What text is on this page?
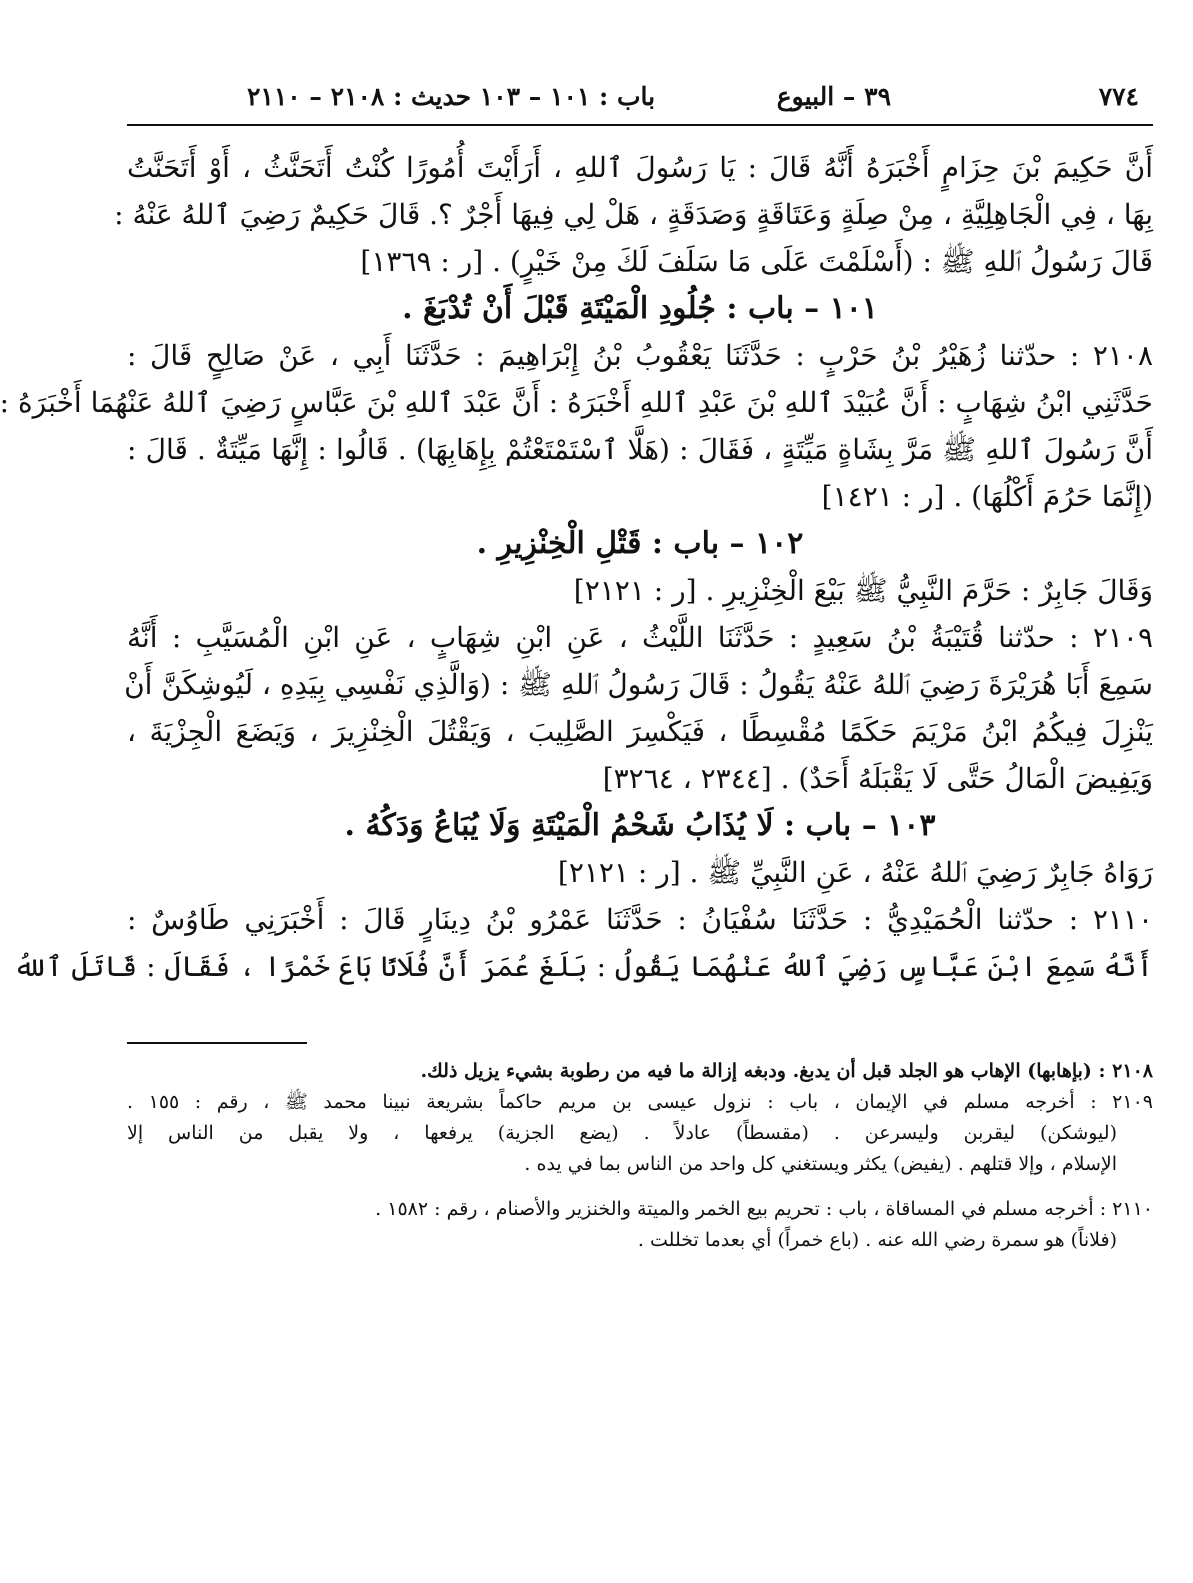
٧٧٤
٣٩ – البيوع
باب : ١٠١ – ١٠٣ حديث : ٢١٠٨ – ٢١١٠
أَنَّ حَكِيمَ بْنَ حِزَامٍ أَخْبَرَهُ أَنَّهُ قَالَ : يَا رَسُولَ ٱللهِ ، أَرَأَيْتَ أُمُورًا كُنْتُ أَتَحَنَّثُ ، أَوْ أَتَحَنَّتُ
بِهَا ، فِي الْجَاهِلِيَّةِ ، مِنْ صِلَةٍ وَعَتَاقَةٍ وَصَدَقَةٍ ، هَلْ لِي فِيهَا أَجْرٌ ؟. قَالَ حَكِيمٌ رَضِيَ ٱللهُ عَنْهُ :
قَالَ رَسُولُ ٱللهِ ﷺ : (أَسْلَمْتَ عَلَى مَا سَلَفَ لَكَ مِنْ خَيْرٍ) . [ر : ١٣٦٩]
١٠١ – باب : جُلُودِ الْمَيْتَةِ قَبْلَ أَنْ تُدْبَغَ .
٢١٠٨ : حدّثنا زُهَيْرُ بْنُ حَرْبٍ : حَدَّثَنَا يَعْقُوبُ بْنُ إِبْرَاهِيمَ : حَدَّثَنَا أَبِي ، عَنْ صَالِحٍ قَالَ :
حَدَّثَنِي ابْنُ شِهَابٍ : أَنَّ عُبَيْدَ ٱللهِ بْنَ عَبْدِ ٱللهِ أَخْبَرَهُ : أَنَّ عَبْدَ ٱللهِ بْنَ عَبَّاسٍ رَضِيَ ٱللهُ عَنْهُمَا أَخْبَرَهُ :
أَنَّ رَسُولَ ٱللهِ ﷺ مَرَّ بِشَاةٍ مَيِّتَةٍ ، فَقَالَ : (هَلَّا ٱسْتَمْتَعْتُمْ بِإِهَابِهَا) . قَالُوا : إِنَّهَا مَيِّتَةٌ . قَالَ :
(إِنَّمَا حَرُمَ أَكْلُهَا) . [ر : ١٤٢١]
١٠٢ – باب : قَتْلِ الْخِنْزِيرِ .
وَقَالَ جَابِرٌ : حَرَّمَ النَّبِيُّ ﷺ بَيْعَ الْخِنْزِيرِ . [ر : ٢١٢١]
٢١٠٩ : حدّثنا قُتَيْبَةُ بْنُ سَعِيدٍ : حَدَّثَنَا اللَّيْثُ ، عَنِ ابْنِ شِهَابٍ ، عَنِ ابْنِ الْمُسَيَّبِ : أَنَّهُ
سَمِعَ أَبَا هُرَيْرَةَ رَضِيَ ٱللهُ عَنْهُ يَقُولُ : قَالَ رَسُولُ ٱللهِ ﷺ : (وَالَّذِي نَفْسِي بِيَدِهِ ، لَيُوشِكَنَّ أَنْ
يَنْزِلَ فِيكُمُ ابْنُ مَرْيَمَ حَكَمًا مُقْسِطًا ، فَيَكْسِرَ الصَّلِيبَ ، وَيَقْتُلَ الْخِنْزِيرَ ، وَيَضَعَ الْجِزْيَةَ ،
وَيَفِيضَ الْمَالُ حَتَّى لَا يَقْبَلَهُ أَحَدٌ) . [٢٣٤٤ ، ٣٢٦٤]
١٠٣ – باب : لَا يُذَابُ شَحْمُ الْمَيْتَةِ وَلَا يُبَاعُ وَدَكُهُ .
رَوَاهُ جَابِرٌ رَضِيَ ٱللهُ عَنْهُ ، عَنِ النَّبِيِّ ﷺ . [ر : ٢١٢١]
٢١١٠ : حدّثنا الْحُمَيْدِيُّ : حَدَّثَنَا سُفْيَانُ : حَدَّثَنَا عَمْرُو بْنُ دِينَارٍ قَالَ : أَخْبَرَنِي طَاوُسٌ :
أَنَّهُ سَمِعَ ابْنَ عَبَّاسٍ رَضِيَ ٱللهُ عَنْهُمَا يَقُولُ : بَلَغَ عُمَرَ أَنَّ فُلَانًا بَاعَ خَمْرًا ، فَقَالَ : قَاتَلَ ٱللهُ
٢١٠٨ : (بإهابها) الإهاب هو الجلد قبل أن يدبغ. ودبغه إزالة ما فيه من رطوبة بشيء يزيل ذلك.
٢١٠٩ : أخرجه مسلم في الإيمان ، باب : نزول عيسى بن مريم حاكماً بشريعة نبينا محمد ﷺ ، رقم : ١٥٥ .
(ليوشكن) ليقربن وليسرعن . (مقسطاً) عادلاً . (يضع الجزية) يرفعها ، ولا يقبل من الناس إلا
الإسلام ، وإلا قتلهم . (يفيض) يكثر ويستغني كل واحد من الناس بما في يده .
٢١١٠ : أخرجه مسلم في المساقاة ، باب : تحريم بيع الخمر والميتة والخنزير والأصنام ، رقم : ١٥٨٢ .
(فلاناً) هو سمرة رضي الله عنه . (باع خمراً) أي بعدما تخللت .
